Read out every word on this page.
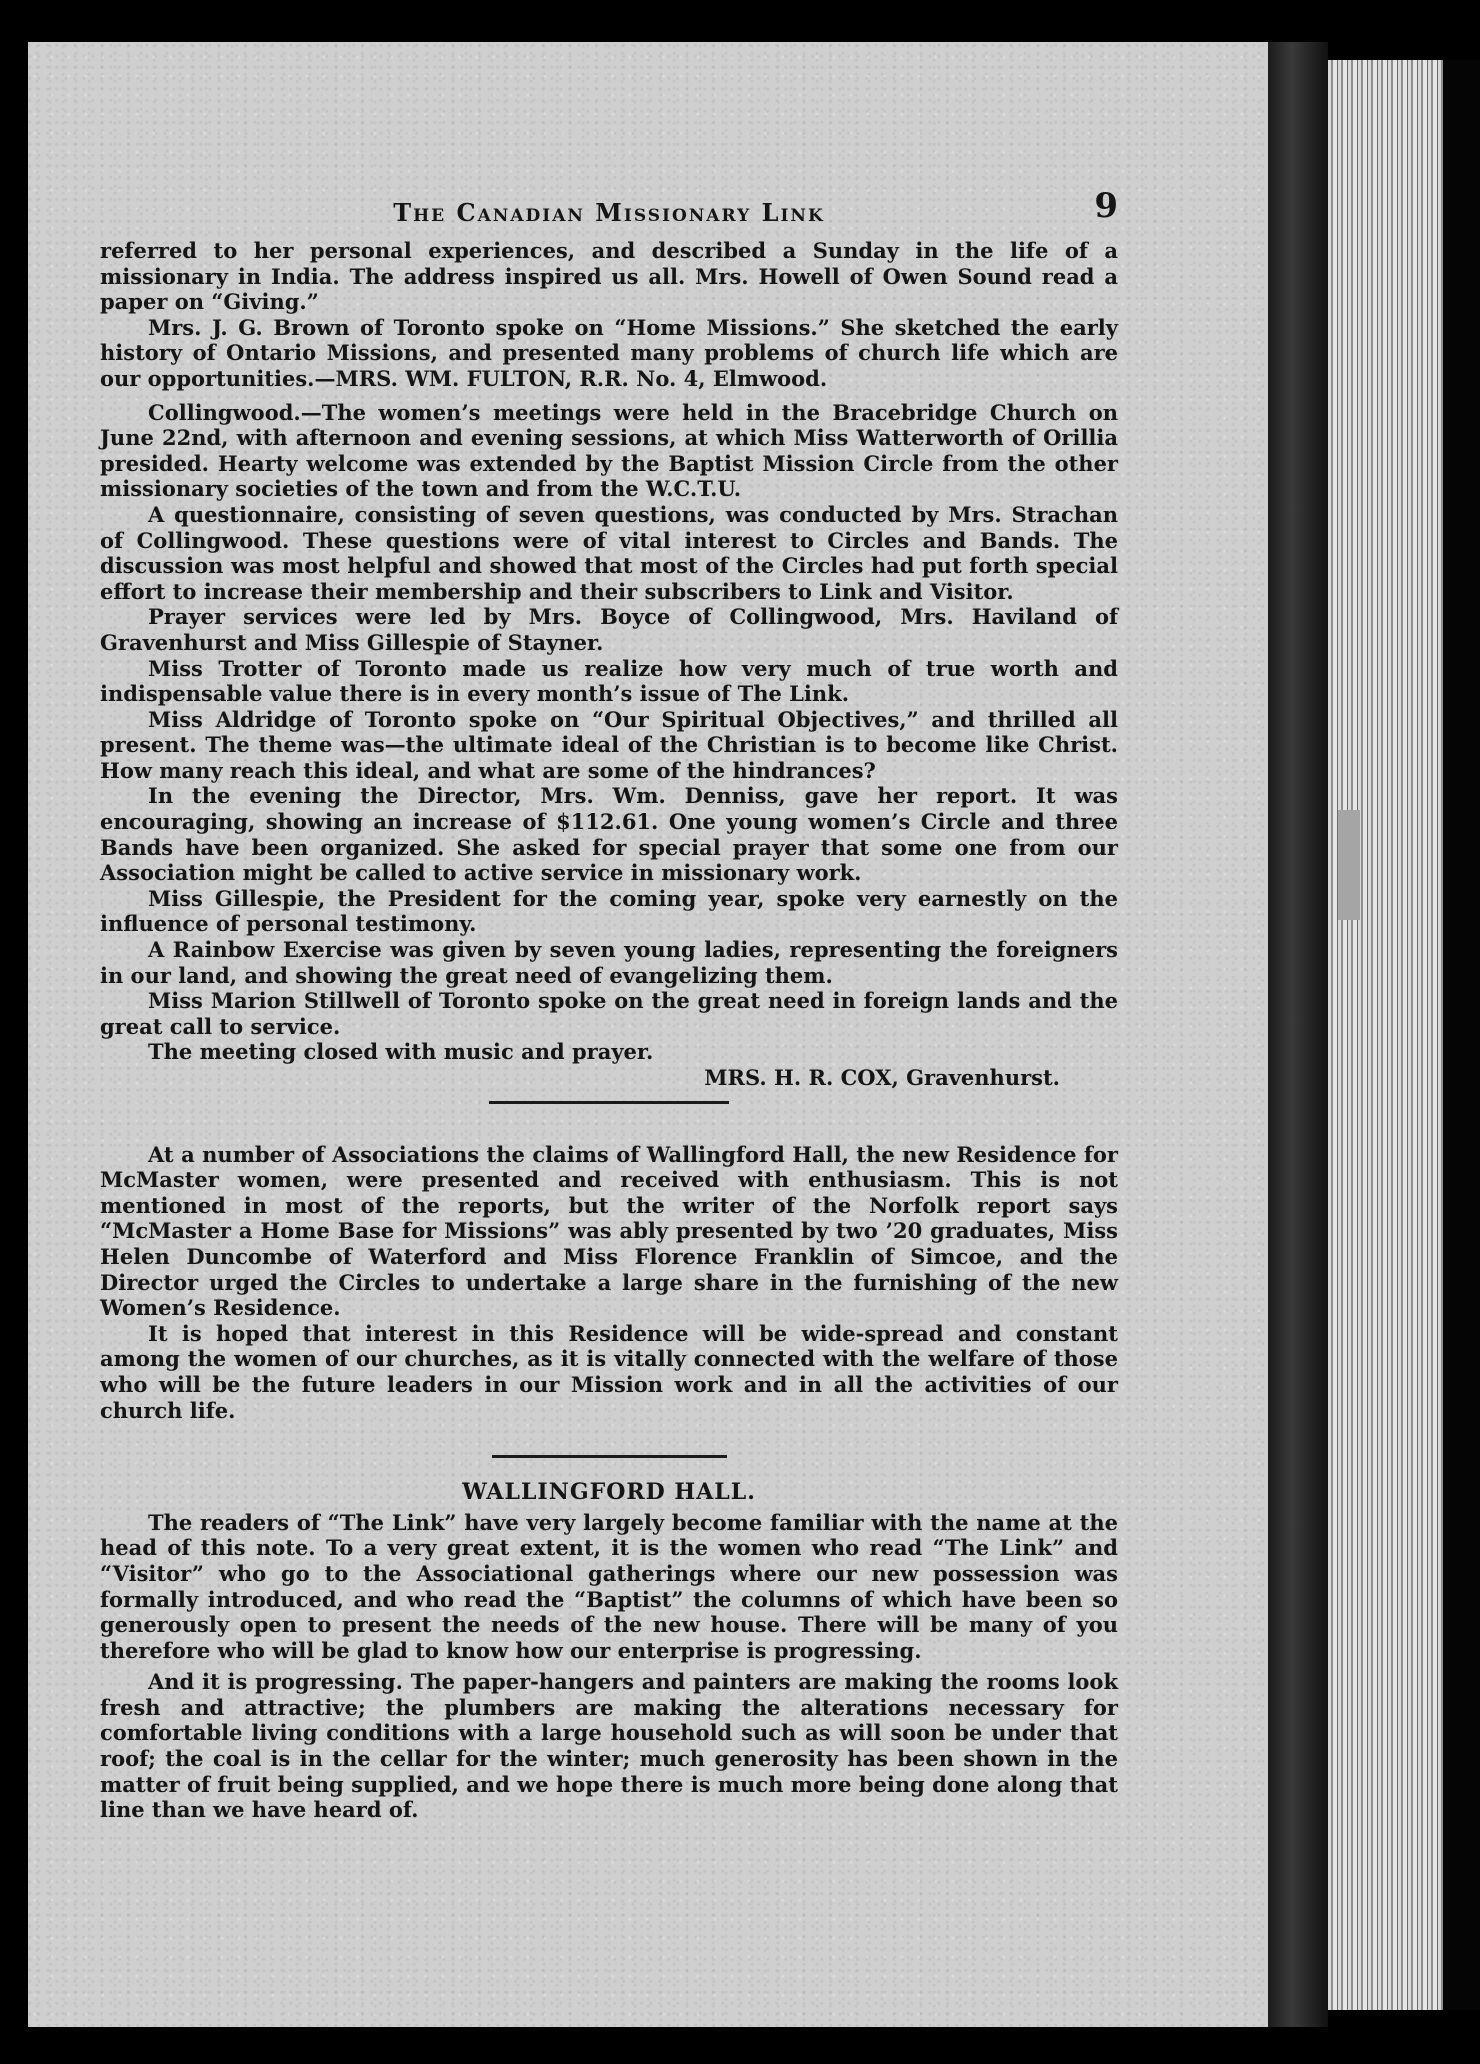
The Canadian Missionary Link	9

referred to her personal experiences, and described a Sunday in the life of a missionary in India. The address inspired us all. Mrs. Howell of Owen Sound read a paper on “Giving.”

Mrs. J. G. Brown of Toronto spoke on “Home Missions.” She sketched the early history of Ontario Missions, and presented many problems of church life which are our opportunities.—MRS. WM. FULTON, R.R. No. 4, Elmwood.

Collingwood.—The women’s meetings were held in the Bracebridge Church on June 22nd, with afternoon and evening sessions, at which Miss Watterworth of Orillia presided. Hearty welcome was extended by the Baptist Mission Circle from the other missionary societies of the town and from the W.C.T.U.

A questionnaire, consisting of seven questions, was conducted by Mrs. Strachan of Collingwood. These questions were of vital interest to Circles and Bands. The discussion was most helpful and showed that most of the Circles had put forth special effort to increase their membership and their subscribers to Link and Visitor.

Prayer services were led by Mrs. Boyce of Collingwood, Mrs. Haviland of Gravenhurst and Miss Gillespie of Stayner.

Miss Trotter of Toronto made us realize how very much of true worth and indispensable value there is in every month’s issue of The Link.

Miss Aldridge of Toronto spoke on “Our Spiritual Objectives,” and thrilled all present. The theme was—the ultimate ideal of the Christian is to become like Christ. How many reach this ideal, and what are some of the hindrances?

In the evening the Director, Mrs. Wm. Denniss, gave her report. It was encouraging, showing an increase of $112.61. One young women’s Circle and three Bands have been organized. She asked for special prayer that some one from our Association might be called to active service in missionary work.

Miss Gillespie, the President for the coming year, spoke very earnestly on the influence of personal testimony.

A Rainbow Exercise was given by seven young ladies, representing the foreigners in our land, and showing the great need of evangelizing them.

Miss Marion Stillwell of Toronto spoke on the great need in foreign lands and the great call to service.

The meeting closed with music and prayer.

MRS. H. R. COX, Gravenhurst.

At a number of Associations the claims of Wallingford Hall, the new Residence for McMaster women, were presented and received with enthusiasm. This is not mentioned in most of the reports, but the writer of the Norfolk report says “McMaster a Home Base for Missions” was ably presented by two ’20 graduates, Miss Helen Duncombe of Waterford and Miss Florence Franklin of Simcoe, and the Director urged the Circles to undertake a large share in the furnishing of the new Women’s Residence.

It is hoped that interest in this Residence will be wide-spread and constant among the women of our churches, as it is vitally connected with the welfare of those who will be the future leaders in our Mission work and in all the activities of our church life.

WALLINGFORD HALL.

The readers of “The Link” have very largely become familiar with the name at the head of this note. To a very great extent, it is the women who read “The Link” and “Visitor” who go to the Associational gatherings where our new possession was formally introduced, and who read the “Baptist” the columns of which have been so generously open to present the needs of the new house. There will be many of you therefore who will be glad to know how our enterprise is progressing.

And it is progressing. The paper-hangers and painters are making the rooms look fresh and attractive; the plumbers are making the alterations necessary for comfortable living conditions with a large household such as will soon be under that roof; the coal is in the cellar for the winter; much generosity has been shown in the matter of fruit being supplied, and we hope there is much more being done along that line than we have heard of.
